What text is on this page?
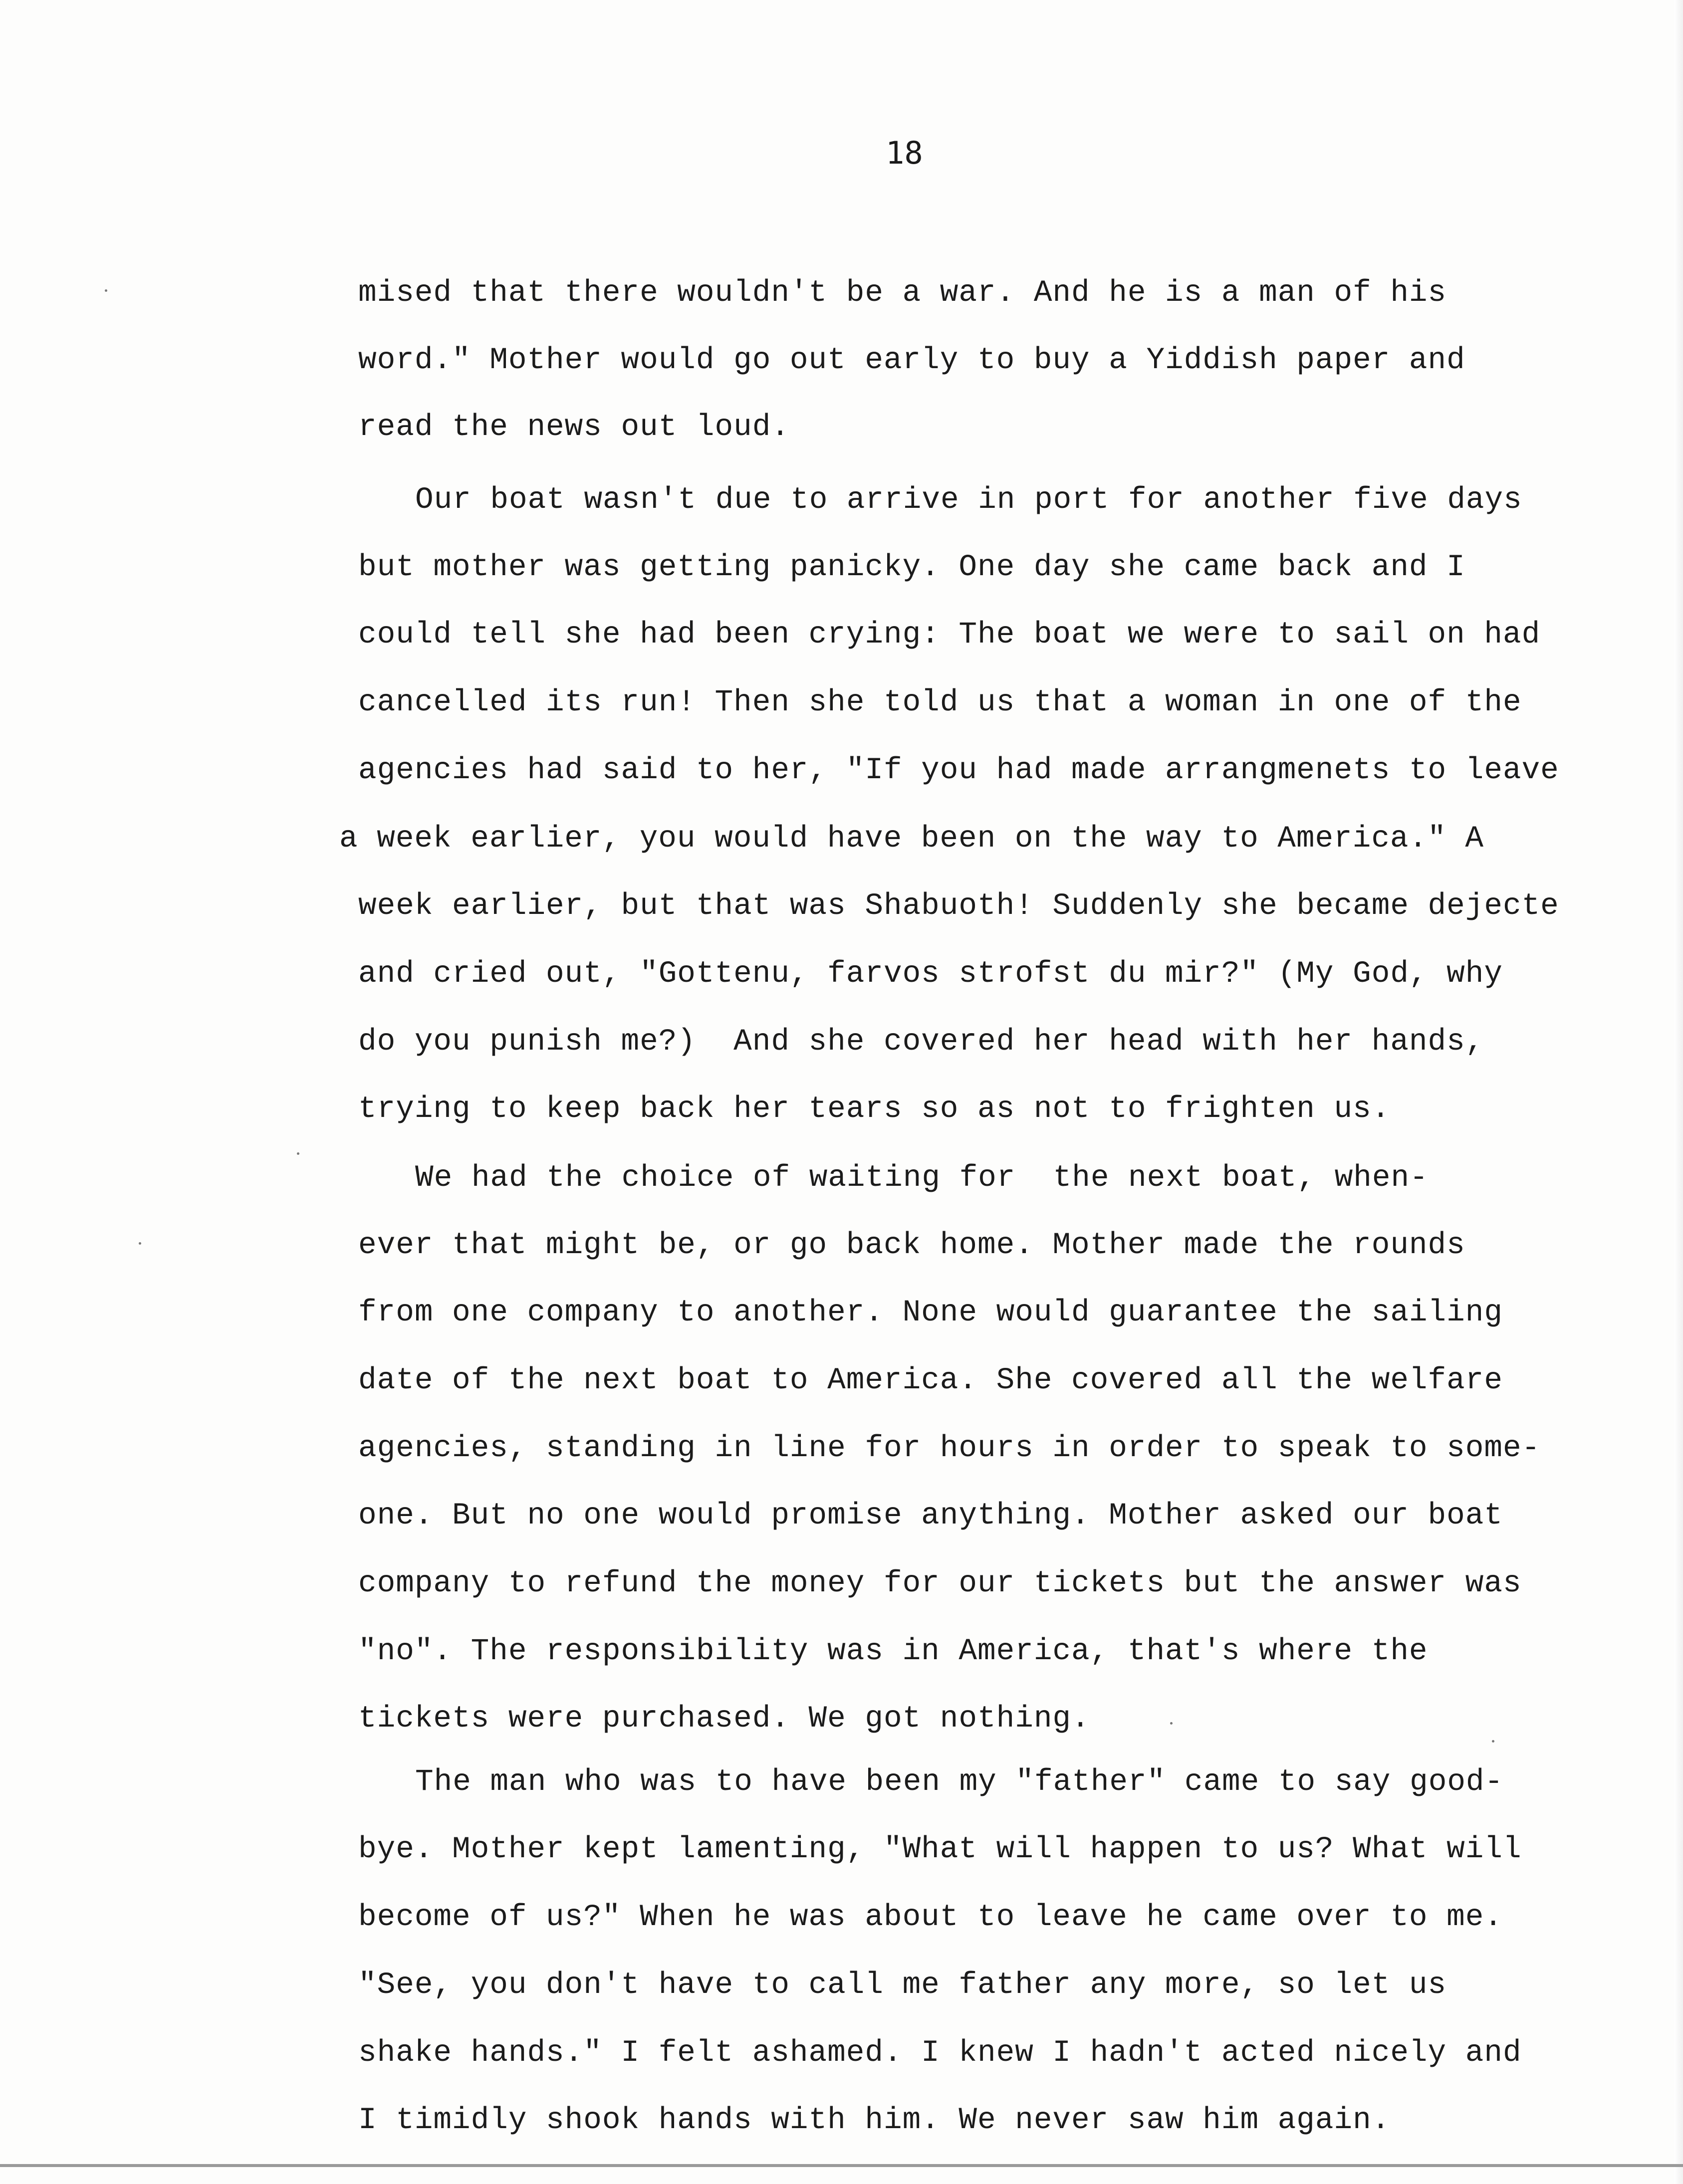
18
mised that there wouldn't be a war. And he is a man of his
word." Mother would go out early to buy a Yiddish paper and
read the news out loud.
Our boat wasn't due to arrive in port for another five days
but mother was getting panicky. One day she came back and I
could tell she had been crying: The boat we were to sail on had
cancelled its run! Then she told us that a woman in one of the
agencies had said to her, "If you had made arrangmenets to leave
a week earlier, you would have been on the way to America." A
week earlier, but that was Shabuoth! Suddenly she became dejecte
and cried out, "Gottenu, farvos strofst du mir?" (My God, why
do you punish me?)  And she covered her head with her hands,
trying to keep back her tears so as not to frighten us.
We had the choice of waiting for  the next boat, when-
ever that might be, or go back home. Mother made the rounds
from one company to another. None would guarantee the sailing
date of the next boat to America. She covered all the welfare
agencies, standing in line for hours in order to speak to some-
one. But no one would promise anything. Mother asked our boat
company to refund the money for our tickets but the answer was
"no". The responsibility was in America, that's where the
tickets were purchased. We got nothing.
The man who was to have been my "father" came to say good-
bye. Mother kept lamenting, "What will happen to us? What will
become of us?" When he was about to leave he came over to me.
"See, you don't have to call me father any more, so let us
shake hands." I felt ashamed. I knew I hadn't acted nicely and
I timidly shook hands with him. We never saw him again.
